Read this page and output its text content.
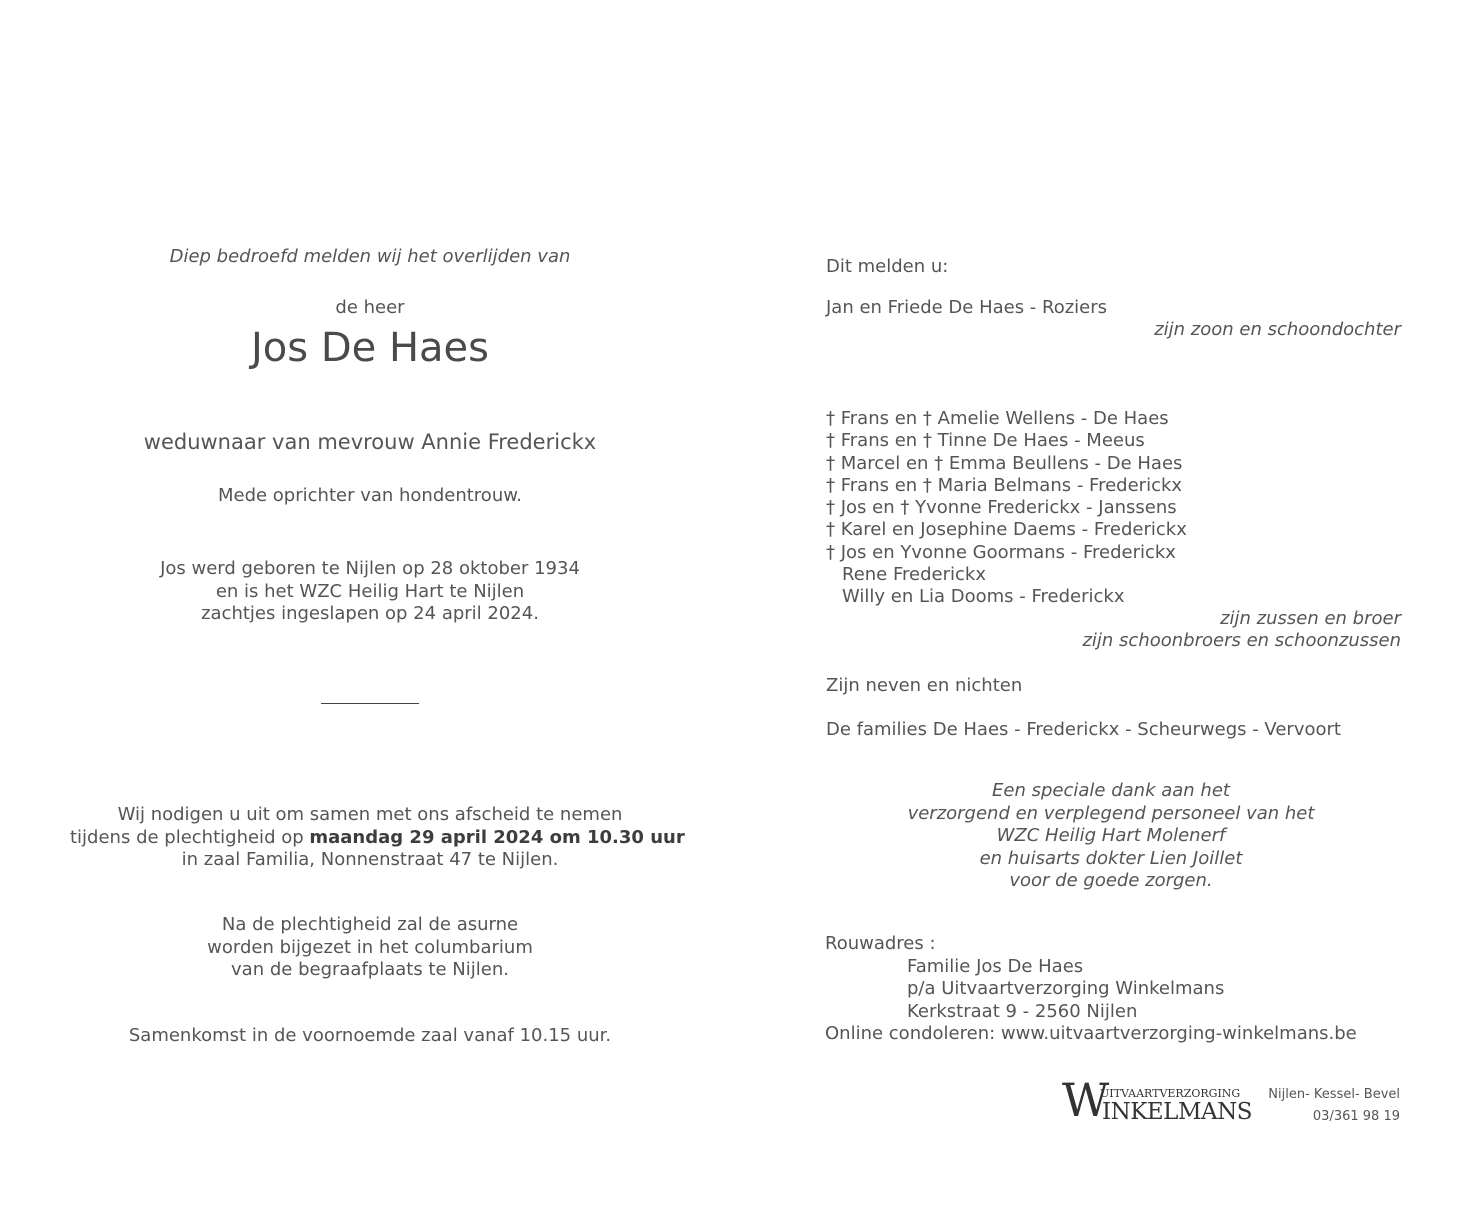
Diep bedroefd melden wij het overlijden van
de heer
Jos De Haes
weduwnaar van mevrouw Annie Frederickx
Mede oprichter van hondentrouw.
Jos werd geboren te Nijlen op 28 oktober 1934
en is het WZC Heilig Hart te Nijlen
zachtjes ingeslapen op 24 april 2024.
Wij nodigen u uit om samen met ons afscheid te nemen
tijdens de plechtigheid op maandag 29 april 2024 om 10.30 uur
in zaal Familia, Nonnenstraat 47 te Nijlen.
Na de plechtigheid zal de asurne
worden bijgezet in het columbarium
van de begraafplaats te Nijlen.
Samenkomst in de voornoemde zaal vanaf 10.15 uur.
Dit melden u:
Jan en Friede De Haes - Roziers
zijn zoon en schoondochter
† Frans en † Amelie Wellens - De Haes
† Frans en † Tinne De Haes - Meeus
† Marcel en † Emma Beullens - De Haes
† Frans en † Maria Belmans - Frederickx
† Jos en † Yvonne Frederickx - Janssens
† Karel en Josephine Daems - Frederickx
† Jos en Yvonne Goormans - Frederickx
Rene Frederickx
Willy en Lia Dooms - Frederickx
zijn zussen en broer
zijn schoonbroers en schoonzussen
Zijn neven en nichten
De families De Haes - Frederickx - Scheurwegs - Vervoort
Een speciale dank aan het
verzorgend en verplegend personeel van het
WZC Heilig Hart Molenerf
en huisarts dokter Lien Joillet
voor de goede zorgen.
Rouwadres :
Familie Jos De Haes
p/a Uitvaartverzorging Winkelmans
Kerkstraat 9 - 2560 Nijlen
Online condoleren: www.uitvaartverzorging-winkelmans.be
W
UITVAARTVERZORGING
INKELMANS
Nijlen- Kessel- Bevel
03/361 98 19
